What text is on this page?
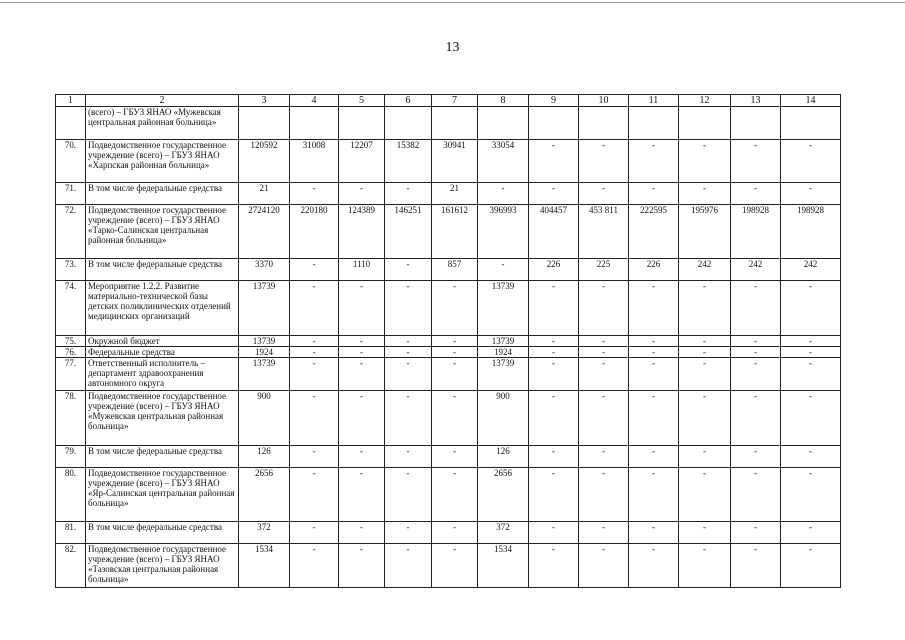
13
1	2	3	4	5	6	7	8	9	10	11	12	13	14
	(всего) – ГБУЗ ЯНАО «Мужевская центральная районная больница»												
70.	Подведомственное государственное учреждение (всего) – ГБУЗ ЯНАО «Харпская районная больница»	120592	31008	12207	15382	30941	33054	-	-	-	-	-	-
71.	В том числе федеральные средства	21	-	-	-	21	-	-	-	-	-	-	-
72.	Подведомственное государственное учреждение (всего) – ГБУЗ ЯНАО «Тарко-Салинская центральная районная больница»	2724120	220180	124389	146251	161612	396993	404457	453 811	222595	195976	198928	198928
73.	В том числе федеральные средства	3370	-	1110	-	857	-	226	225	226	242	242	242
74.	Мероприятие 1.2.2. Развитие материально-технической базы детских поликлинических отделений медицинских организаций	13739	-	-	-	-	13739	-	-	-	-	-	-
75.	Окружной бюджет	13739	-	-	-	-	13739	-	-	-	-	-	-
76.	Федеральные средства	1924	-	-	-	-	1924	-	-	-	-	-	-
77.	Ответственный исполнитель – департамент здравоохранения автономного округа	13739	-	-	-	-	13739	-	-	-	-	-	-
78.	Подведомственное государственное учреждение (всего) – ГБУЗ ЯНАО «Мужевская центральная районная больница»	900	-	-	-	-	900	-	-	-	-	-	-
79.	В том числе федеральные средства	126	-	-	-	-	126	-	-	-	-	-	-
80.	Подведомственное государственное учреждение (всего) – ГБУЗ ЯНАО «Яр-Салинская центральная районная больница»	2656	-	-	-	-	2656	-	-	-	-	-	-
81.	В том числе федеральные средства	372	-	-	-	-	372	-	-	-	-	-	-
82.	Подведомственное государственное учреждение (всего) – ГБУЗ ЯНАО «Тазовская центральная районная больница»	1534	-	-	-	-	1534	-	-	-	-	-	-
